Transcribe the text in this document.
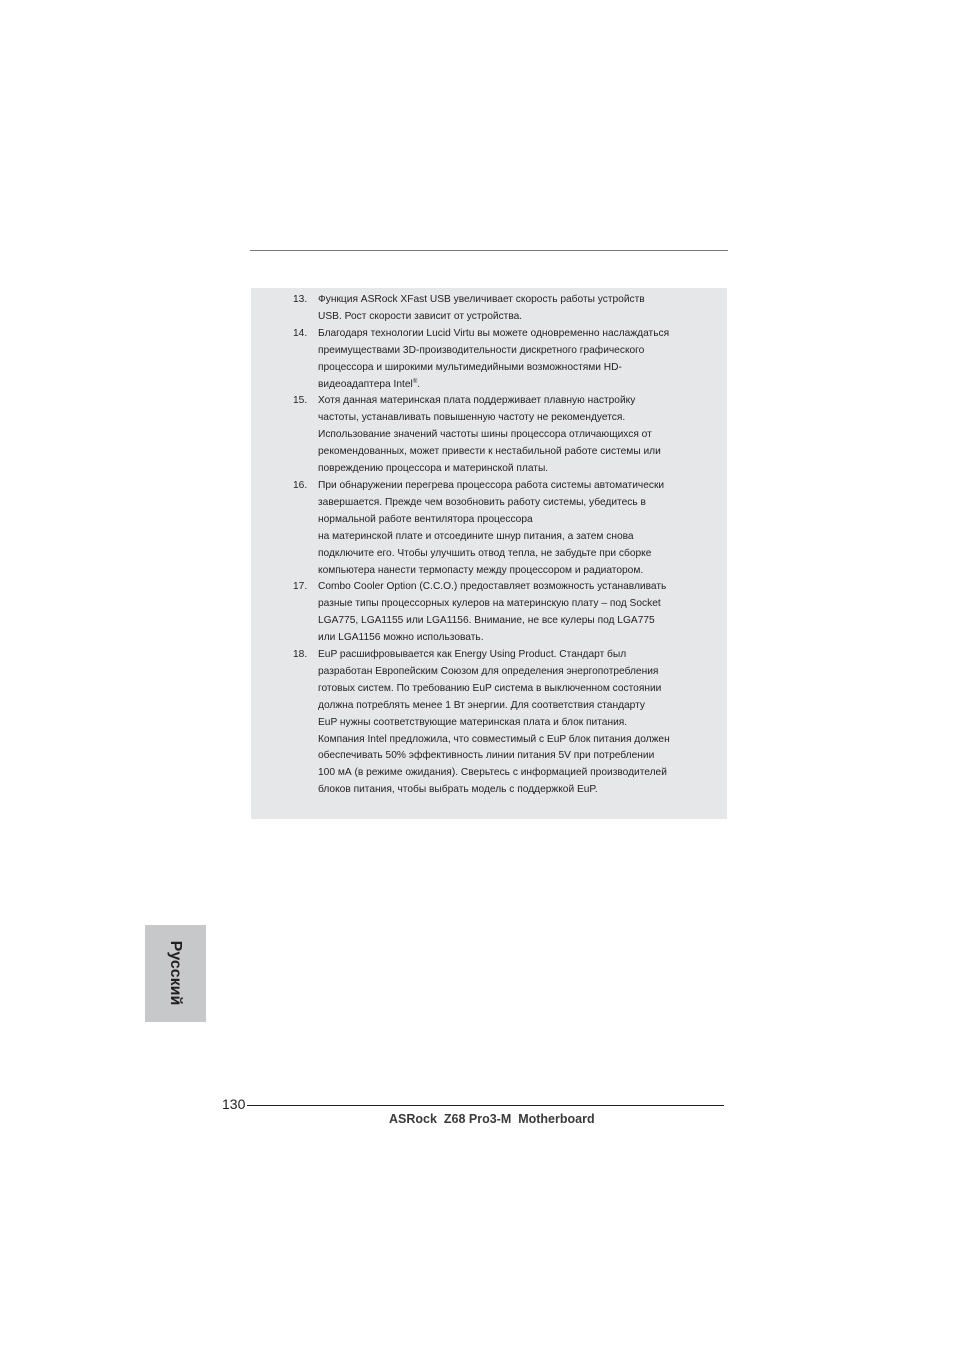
13. Функция ASRock XFast USB увеличивает скорость работы устройств
USB. Рост скорости зависит от устройства.
14. Благодаря технологии Lucid Virtu вы можете одновременно наслаждаться
преимуществами 3D-производительности дискретного графического
процессора и широкими мультимедийными возможностями HD-
видеоадаптера Intel®.
15. Хотя данная материнская плата поддерживает плавную настройку
частоты, устанавливать повышенную частоту не рекомендуется.
Использование значений частоты шины процессора отличающихся от
рекомендованных, может привести к нестабильной работе системы или
повреждению процессора и материнской платы.
16. При обнаружении перегрева процессора работа системы автоматически
завершается. Прежде чем возобновить работу системы, убедитесь в
нормальной работе вентилятора процессора
на материнской плате и отсоедините шнур питания, а затем снова
подключите его. Чтобы улучшить отвод тепла, не забудьте при сборке
компьютера нанести термопасту между процессором и радиатором.
17. Combo Cooler Option (C.C.O.) предоставляет возможность устанавливать
разные типы процессорных кулеров на материнскую плату – под Socket
LGA775, LGA1155 или LGA1156. Внимание, не все кулеры под LGA775
или LGA1156 можно использовать.
18. EuP расшифровывается как Energy Using Product. Стандарт был
разработан Европейским Союзом для определения энергопотребления
готовых систем. По требованию EuP система в выключенном состоянии
должна потреблять менее 1 Вт энергии. Для соответствия стандарту
EuP нужны соответствующие материнская плата и блок питания.
Компания Intel предложила, что совместимый с EuP блок питания должен
обеспечивать 50% эффективность линии питания 5V при потреблении
100 мА (в режиме ожидания). Сверьтесь с информацией производителей
блоков питания, чтобы выбрать модель с поддержкой EuP.
Русский
130
ASRock  Z68 Pro3-M  Motherboard
